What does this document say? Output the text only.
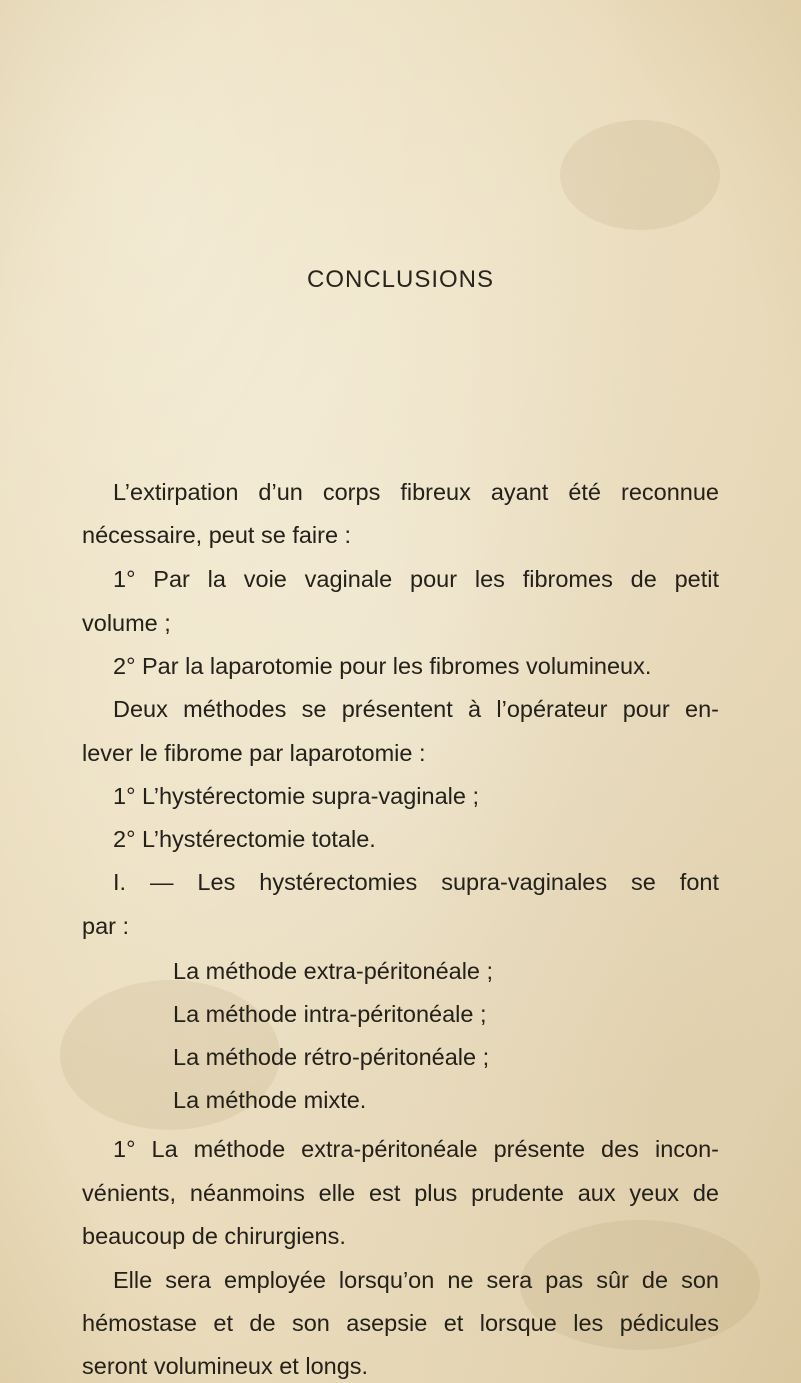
CONCLUSIONS
L’extirpation d’un corps fibreux ayant été reconnue
nécessaire, peut se faire :
1° Par la voie vaginale pour les fibromes de petit
volume ;
2° Par la laparotomie pour les fibromes volumineux.
Deux méthodes se présentent à l’opérateur pour en-
lever le fibrome par laparotomie :
1° L’hystérectomie supra-vaginale ;
2° L’hystérectomie totale.
I. — Les hystérectomies supra-vaginales se font
par :
La méthode extra-péritonéale ;
La méthode intra-péritonéale ;
La méthode rétro-péritonéale ;
La méthode mixte.
1° La méthode extra-péritonéale présente des incon-
vénients, néanmoins elle est plus prudente aux yeux de
beaucoup de chirurgiens.
Elle sera employée lorsqu’on ne sera pas sûr de son
hémostase et de son asepsie et lorsque les pédicules
seront volumineux et longs.
